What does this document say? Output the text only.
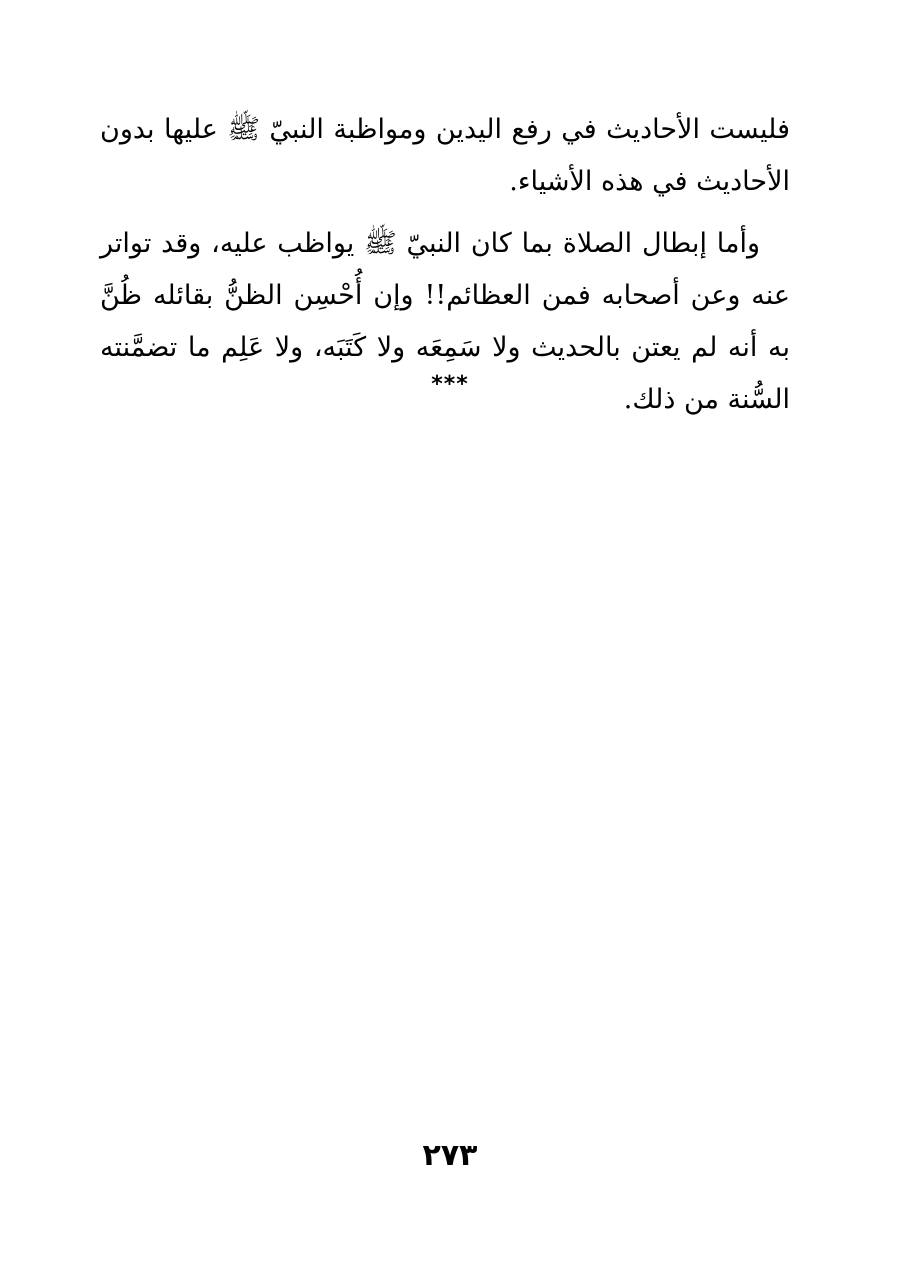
فليست الأحاديث في رفع اليدين ومواظبة النبيّ ﷺ عليها بدون الأحاديث في هذه الأشياء.

وأما إبطال الصلاة بما كان النبيّ ﷺ يواظب عليه، وقد تواتر عنه وعن أصحابه فمن العظائم!! وإن أُحْسِن الظنُّ بقائله ظُنَّ به أنه لم يعتن بالحديث ولا سَمِعَه ولا كَتَبَه، ولا عَلِم ما تضمَّنته السُّنة من ذلك.

***
٢٧٣
